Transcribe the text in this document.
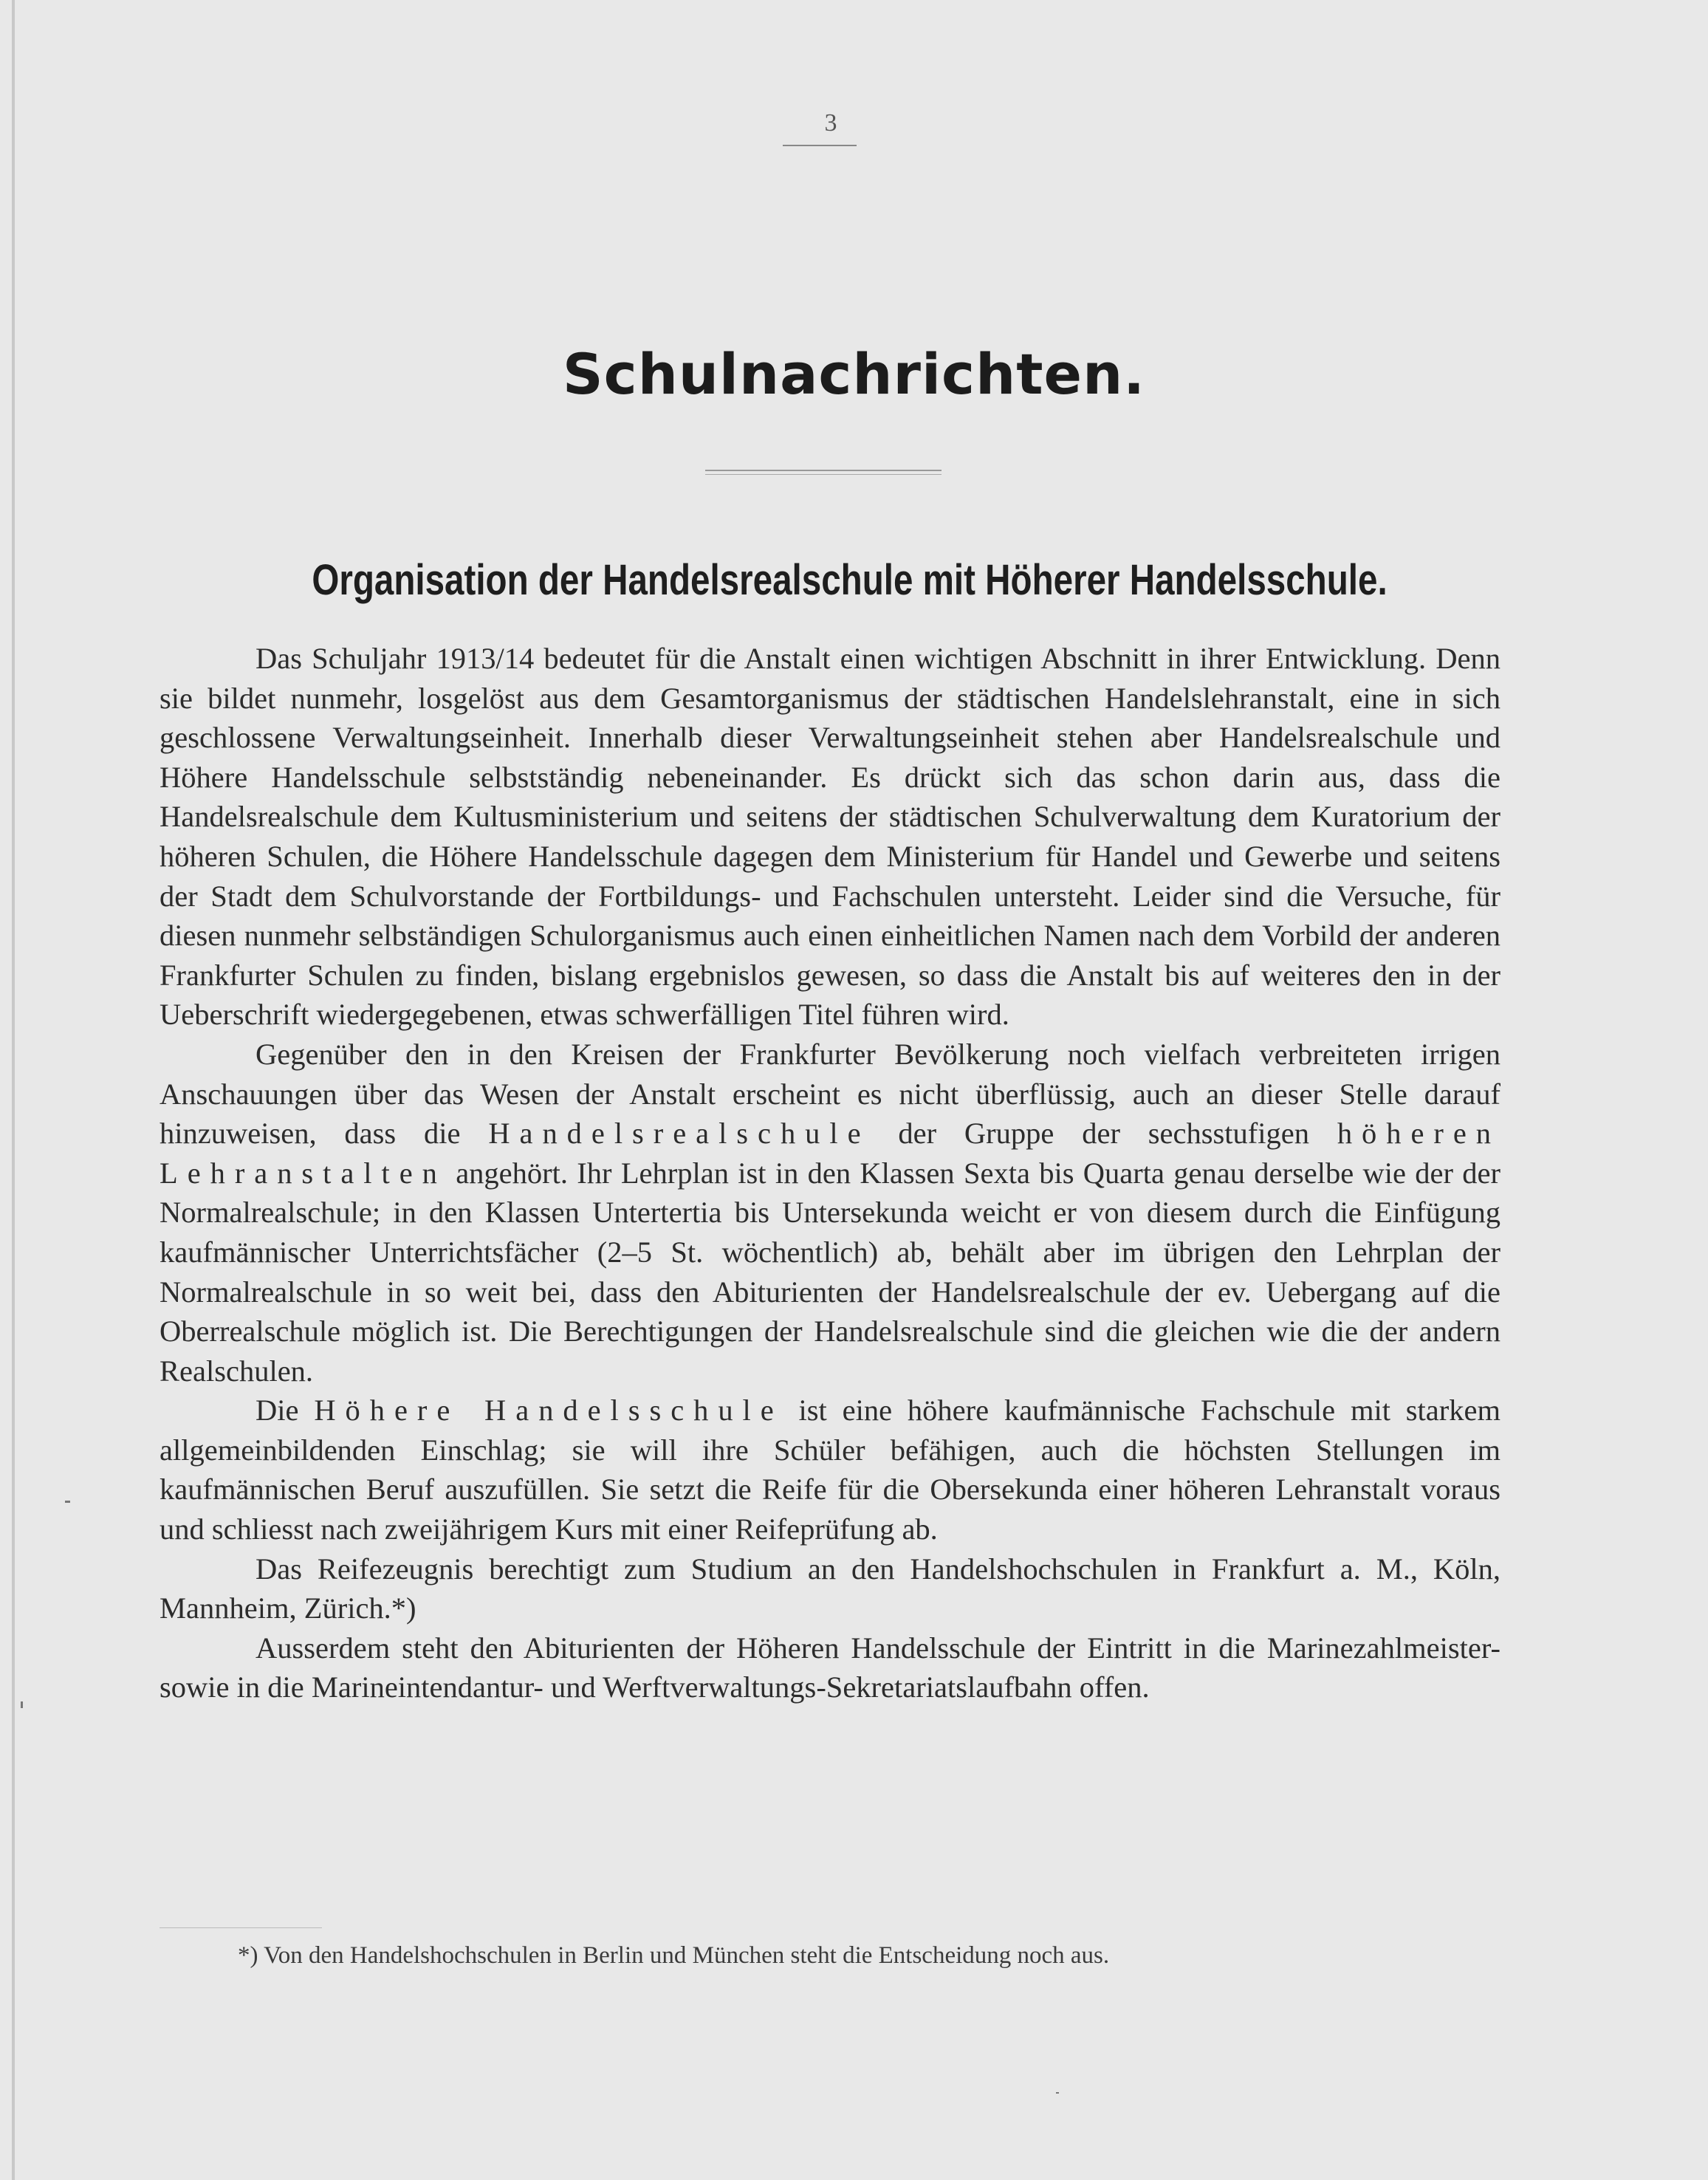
3
Schulnachrichten.
Organisation der Handelsrealschule mit Höherer Handelsschule.

Das Schuljahr 1913/14 bedeutet für die Anstalt einen wichtigen Abschnitt in ihrer Entwicklung. Denn sie bildet nunmehr, losgelöst aus dem Gesamtorganismus der städtischen Handelslehranstalt, eine in sich geschlossene Verwaltungseinheit. Innerhalb dieser Verwaltungseinheit stehen aber Handelsrealschule und Höhere Handelsschule selbstständig nebeneinander. Es drückt sich das schon darin aus, dass die Handelsrealschule dem Kultusministerium und seitens der städtischen Schulverwaltung dem Kuratorium der höheren Schulen, die Höhere Handelsschule dagegen dem Ministerium für Handel und Gewerbe und seitens der Stadt dem Schulvorstande der Fortbildungs- und Fachschulen untersteht. Leider sind die Versuche, für diesen nunmehr selbständigen Schulorganismus auch einen einheitlichen Namen nach dem Vorbild der anderen Frankfurter Schulen zu finden, bislang ergebnislos gewesen, so dass die Anstalt bis auf weiteres den in der Ueberschrift wiedergegebenen, etwas schwerfälligen Titel führen wird.

Gegenüber den in den Kreisen der Frankfurter Bevölkerung noch vielfach verbreiteten irrigen Anschauungen über das Wesen der Anstalt erscheint es nicht überflüssig, auch an dieser Stelle darauf hinzuweisen, dass die Handelsrealschule der Gruppe der sechsstufigen höheren Lehranstalten angehört. Ihr Lehrplan ist in den Klassen Sexta bis Quarta genau derselbe wie der der Normalrealschule; in den Klassen Untertertia bis Untersekunda weicht er von diesem durch die Einfügung kaufmännischer Unterrichtsfächer (2–5 St. wöchentlich) ab, behält aber im übrigen den Lehrplan der Normalrealschule in so weit bei, dass den Abiturienten der Handelsrealschule der ev. Uebergang auf die Oberrealschule möglich ist. Die Berechtigungen der Handelsrealschule sind die gleichen wie die der andern Realschulen.

Die Höhere Handelsschule ist eine höhere kaufmännische Fachschule mit starkem allgemeinbildenden Einschlag; sie will ihre Schüler befähigen, auch die höchsten Stellungen im kaufmännischen Beruf auszufüllen. Sie setzt die Reife für die Obersekunda einer höheren Lehranstalt voraus und schliesst nach zweijährigem Kurs mit einer Reifeprüfung ab.

Das Reifezeugnis berechtigt zum Studium an den Handelshochschulen in Frankfurt a. M., Köln, Mannheim, Zürich.*)

Ausserdem steht den Abiturienten der Höheren Handelsschule der Eintritt in die Marinezahlmeister- sowie in die Marineintendantur- und Werftverwaltungs-Sekretariatslaufbahn offen.

*) Von den Handelshochschulen in Berlin und München steht die Entscheidung noch aus.
